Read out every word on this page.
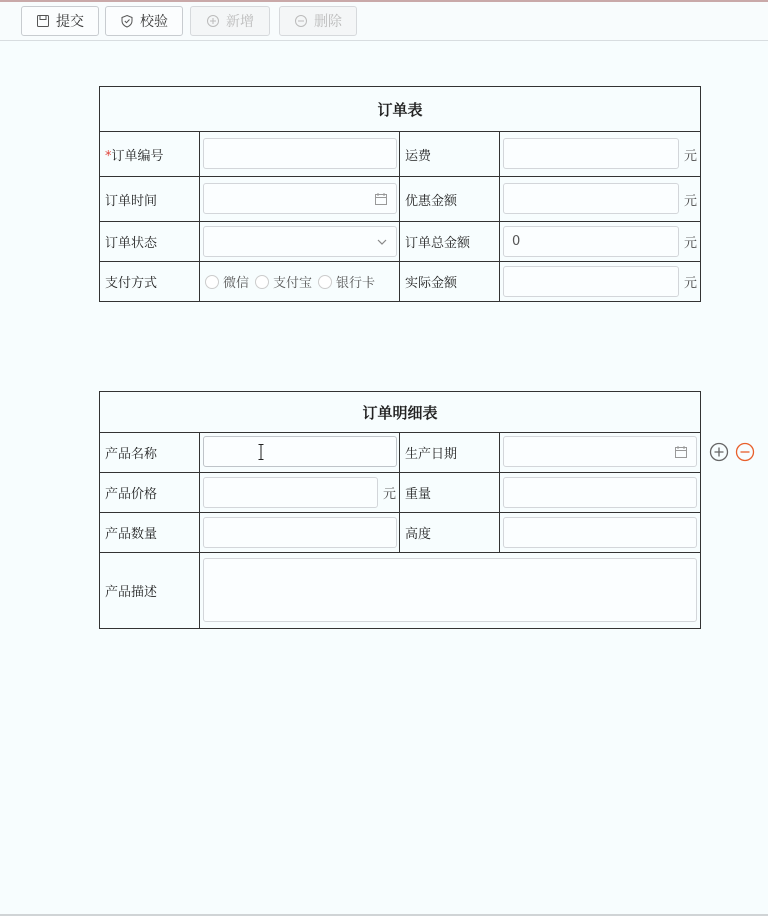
提交	校验	新增	删除
订单表			
*订单编号		运费	元

订单时间		优惠金额	元

订单状态		订单总金额	0 元

支付方式	微信 支付宝 银行卡	实际金额	元
订单明细表			
产品名称		生产日期	

产品价格	元	重量	

产品数量		高度	

产品描述			
